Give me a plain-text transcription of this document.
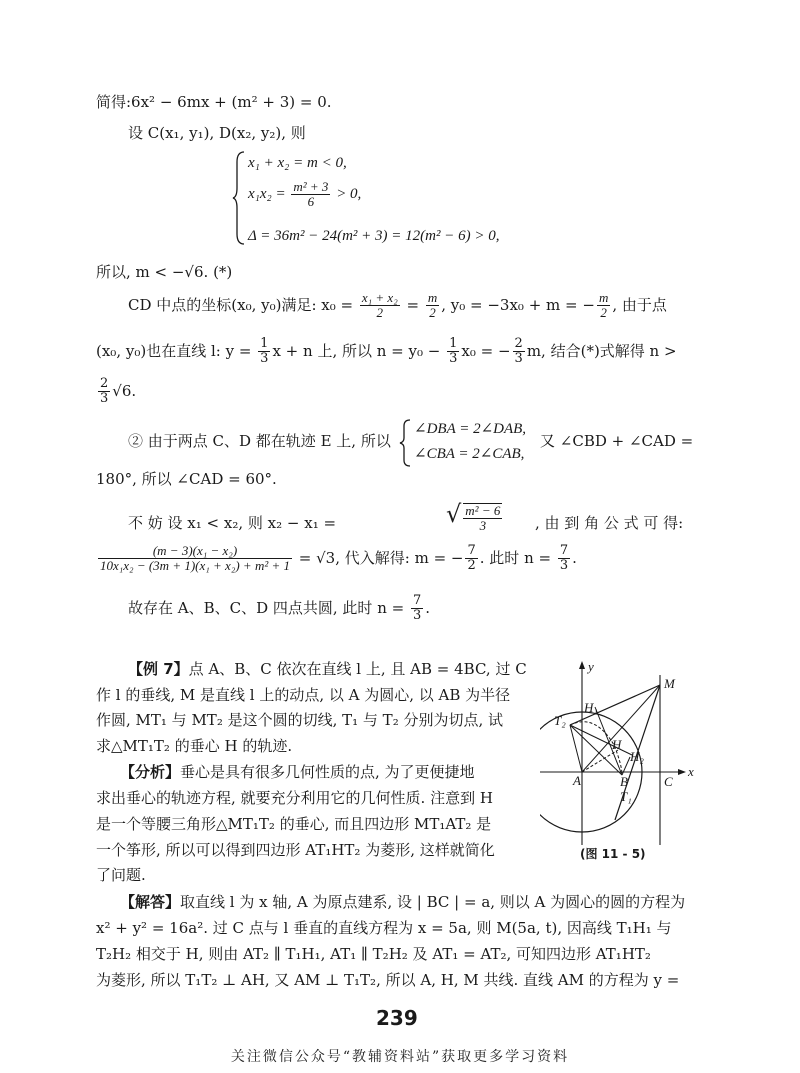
简得:6x² − 6mx + (m² + 3) = 0.
设 C(x₁, y₁), D(x₂, y₂), 则
x₁ + x₂ = m < 0,
$x_1x_2 = \frac{\text{m² + 3}}{6} > 0$,
Δ = 36m² − 24(m² + 3) = 12(m² − 6) > 0,
所以, m < −√6. (*)
CD 中点的坐标(x₀, y₀)满足: $x_0 = \frac{\text{x₁ + x₂}}{2} = \frac{m}{2}$ , y₀ = −3x₀ + m = − $\frac{m}{2}$ , 由于点
(x₀, y₀)也在直线 l: $y = \frac{1}{3}$ x + n 上, 所以 $n = y_0 - \frac{1}{3} x_0$ = − $\frac{2}{3} m$, 结合(*)式解得 n >
$\frac{2}{3} √6$.
② 由于两点 C、D 都在轨迹 E 上, 所以
∠DBA = 2∠DAB,
∠CBA = 2∠CAB,
又 ∠CBD + ∠CAD =
180°, 所以 ∠CAD = 60°.
不 妨 设 x₁ < x₂, 则 x₂ − x₁ =	√ $\frac{\text{m² − 6}}{3}$ , 由 到 角 公 式 可 得:
$\frac{\text{(m − 3)(x₁ − x₂)}}{\text{10x₁x₂ − (3m + 1)(x₁ + x₂) + m² + 1}} = √3$, 代入解得: m = − $\frac{7}{2}$ . 此时 $n = \frac{7}{3}$ .
故存在 A、B、C、D 四点共圆, 此时 $n = \frac{7}{3}$ .
【例 7】点 A、B、C 依次在直线 l 上, 且 AB = 4BC, 过 C
作 l 的垂线, M 是直线 l 上的动点, 以 A 为圆心, 以 AB 为半径
作圆, MT₁ 与 MT₂ 是这个圆的切线, T₁ 与 T₂ 分别为切点, 试
求△MT₁T₂ 的垂心 H 的轨迹.
【分析】垂心是具有很多几何性质的点, 为了更便捷地
求出垂心的轨迹方程, 就要充分利用它的几何性质. 注意到 H
是一个等腰三角形△MT₁T₂ 的垂心, 而且四边形 MT₁AT₂ 是
一个筝形, 所以可以得到四边形 AT₁HT₂ 为菱形, 这样就简化
了问题.
y
x
M
T₂
H₁
H₂
H
A	B	C
T₁
(图 11 - 5)
【解答】取直线 l 为 x 轴, A 为原点建系, 设 | BC | = a, 则以 A 为圆心的圆的方程为
x² + y² = 16a². 过 C 点与 l 垂直的直线方程为 x = 5a, 则 M(5a, t), 因高线 T₁H₁ 与
T₂H₂ 相交于 H, 则由 AT₂ ∥ T₁H₁, AT₁ ∥ T₂H₂ 及 AT₁ = AT₂, 可知四边形 AT₁HT₂
为菱形, 所以 T₁T₂ ⊥ AH, 又 AM ⊥ T₁T₂, 所以 A, H, M 共线. 直线 AM 的方程为 y =
239
关注微信公众号“教辅资料站”获取更多学习资料
